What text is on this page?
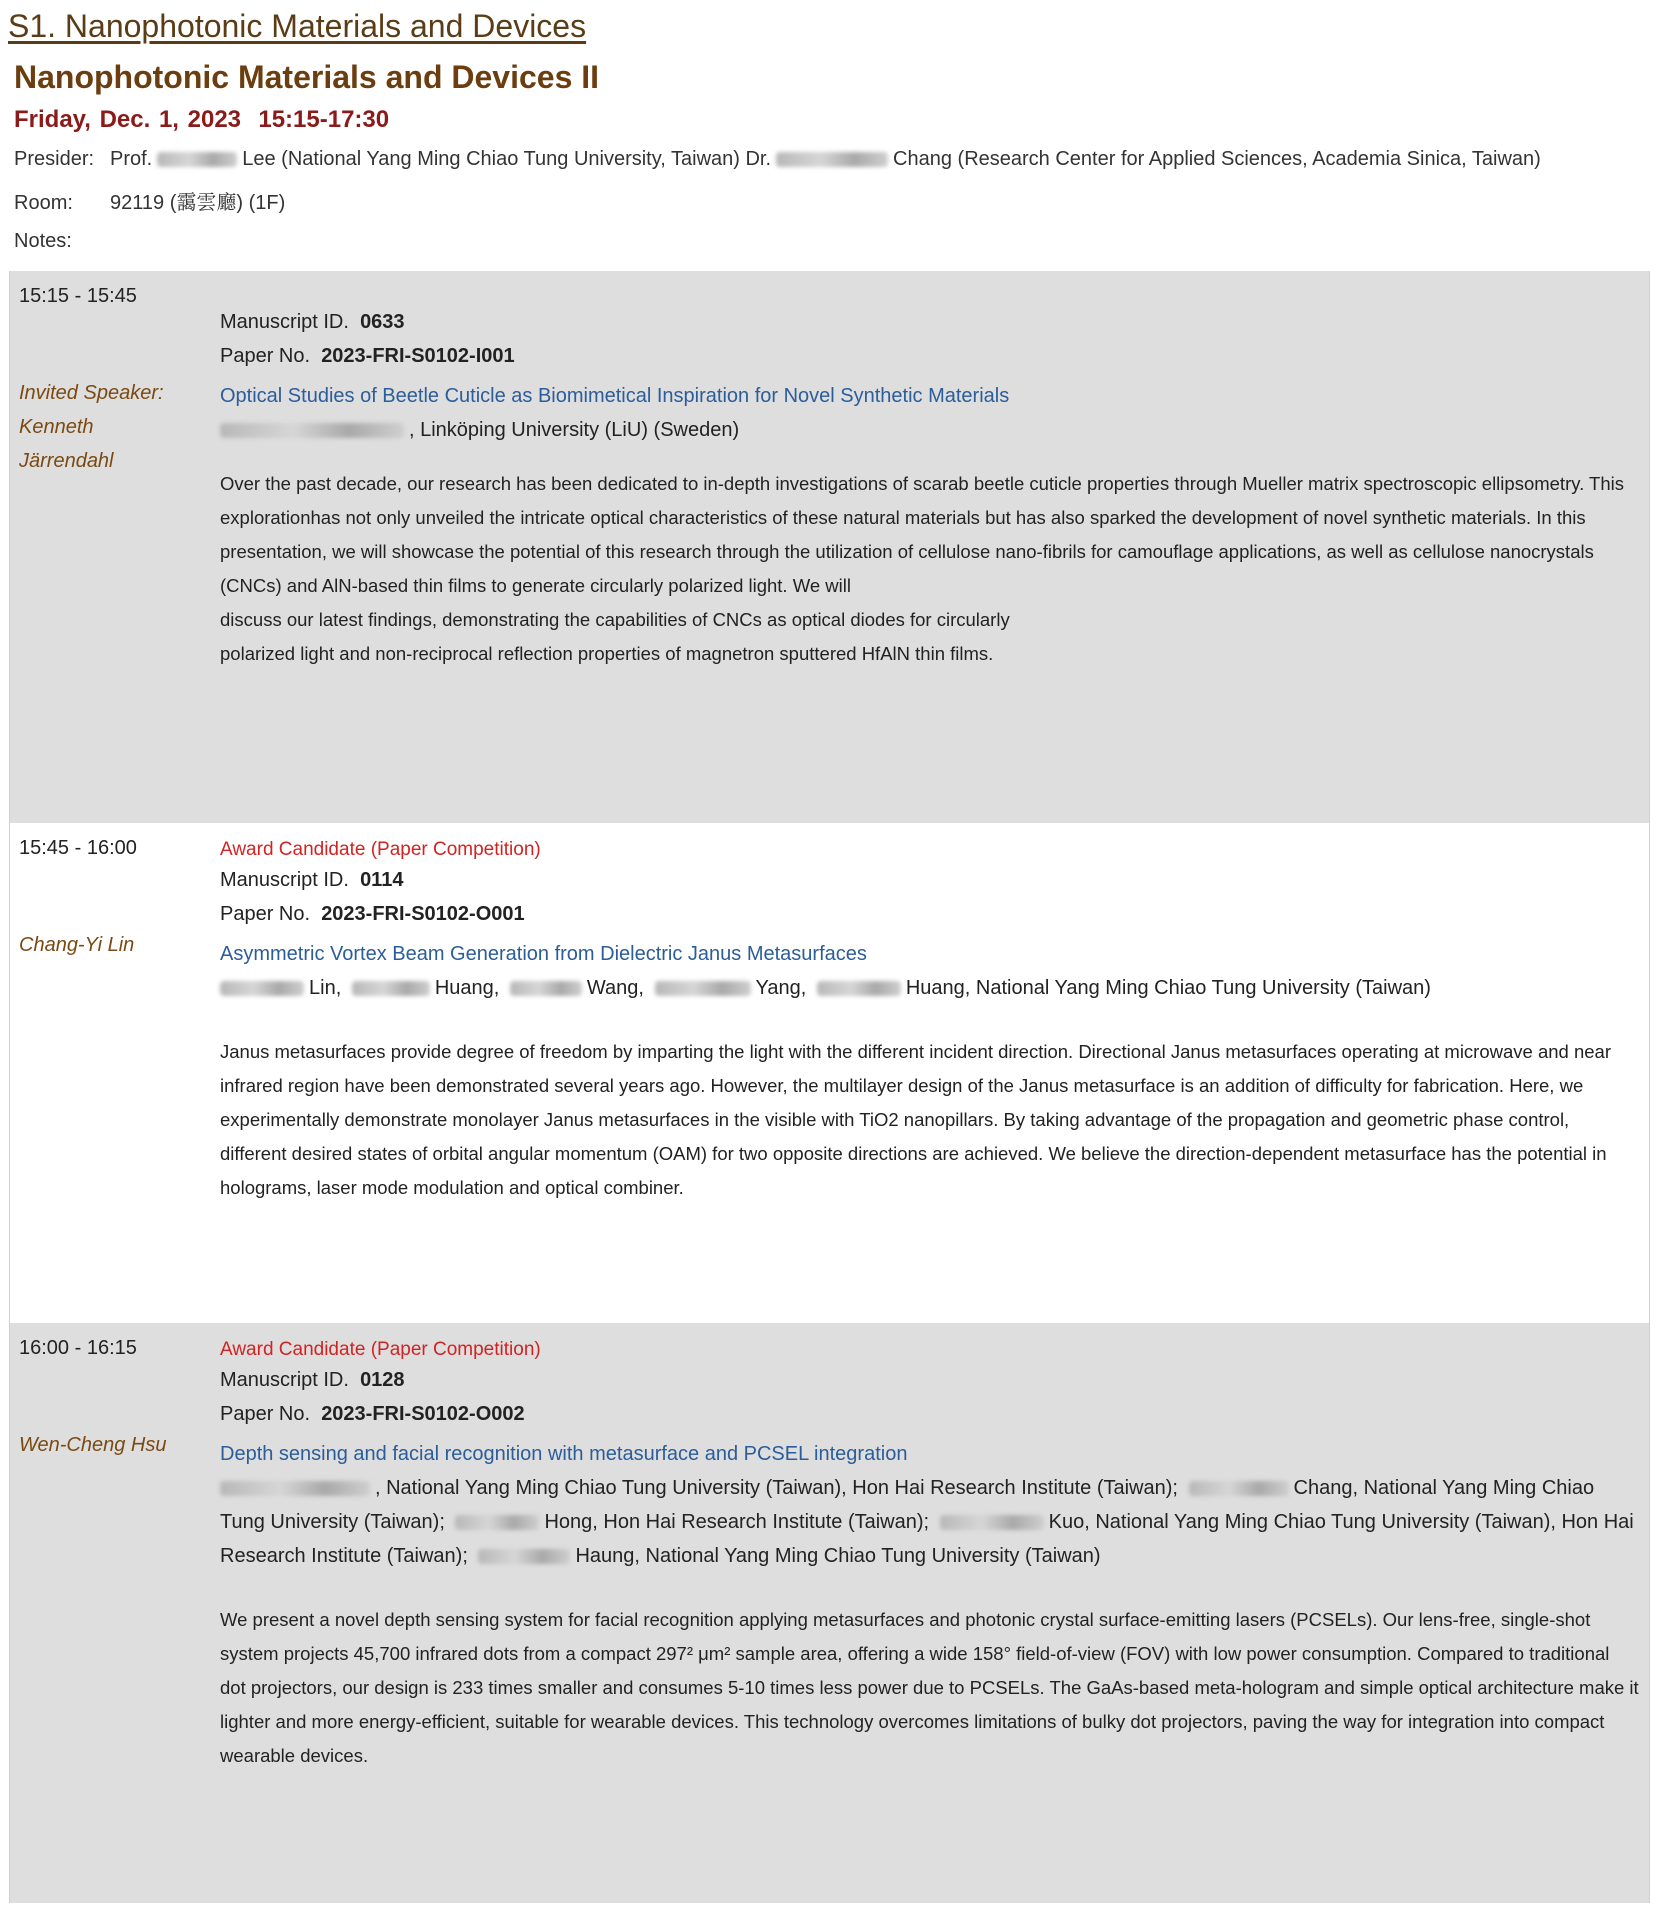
S1. Nanophotonic Materials and Devices
Nanophotonic Materials and Devices II
Friday, Dec. 1, 2023  15:15-17:30
Presider: Prof.	Lee (National Yang Ming Chiao Tung University, Taiwan) Dr.	Chang (Research Center for Applied Sciences, Academia Sinica, Taiwan)
Room:	92119 (靄雲廳) (1F)
Notes:
15:15 - 15:45
Invited Speaker:
Kenneth Järrendahl
Manuscript ID. 0633
Paper No. 2023-FRI-S0102-I001
Optical Studies of Beetle Cuticle as Biomimetical Inspiration for Novel Synthetic Materials
, Linköping University (LiU) (Sweden)
Over the past decade, our research has been dedicated to in-depth investigations of scarab beetle cuticle properties through Mueller matrix spectroscopic ellipsometry. This explorationhas not only unveiled the intricate optical characteristics of these natural materials but has also sparked the development of novel synthetic materials. In this presentation, we will showcase the potential of this research through the utilization of cellulose nano-fibrils for camouflage applications, as well as cellulose nanocrystals (CNCs) and AlN-based thin films to generate circularly polarized light. We will
discuss our latest findings, demonstrating the capabilities of CNCs as optical diodes for circularly
polarized light and non-reciprocal reflection properties of magnetron sputtered HfAlN thin films.
15:45 - 16:00
Chang-Yi Lin
Award Candidate (Paper Competition)
Manuscript ID. 0114
Paper No. 2023-FRI-S0102-O001
Asymmetric Vortex Beam Generation from Dielectric Janus Metasurfaces
Lin,	Huang,	Wang,	Yang,	Huang, National Yang Ming Chiao Tung University (Taiwan)
Janus metasurfaces provide degree of freedom by imparting the light with the different incident direction. Directional Janus metasurfaces operating at microwave and near infrared region have been demonstrated several years ago. However, the multilayer design of the Janus metasurface is an addition of difficulty for fabrication. Here, we experimentally demonstrate monolayer Janus metasurfaces in the visible with TiO2 nanopillars. By taking advantage of the propagation and geometric phase control, different desired states of orbital angular momentum (OAM) for two opposite directions are achieved. We believe the direction-dependent metasurface has the potential in holograms, laser mode modulation and optical combiner.
16:00 - 16:15
Wen-Cheng Hsu
Award Candidate (Paper Competition)
Manuscript ID. 0128
Paper No. 2023-FRI-S0102-O002
Depth sensing and facial recognition with metasurface and PCSEL integration
, National Yang Ming Chiao Tung University (Taiwan), Hon Hai Research Institute (Taiwan);	Chang, National Yang Ming Chiao Tung University (Taiwan);	Hong, Hon Hai Research Institute (Taiwan);	Kuo, National Yang Ming Chiao Tung University (Taiwan), Hon Hai Research Institute (Taiwan);	Haung, National Yang Ming Chiao Tung University (Taiwan)
We present a novel depth sensing system for facial recognition applying metasurfaces and photonic crystal surface-emitting lasers (PCSELs). Our lens-free, single-shot system projects 45,700 infrared dots from a compact 297² μm² sample area, offering a wide 158° field-of-view (FOV) with low power consumption. Compared to traditional dot projectors, our design is 233 times smaller and consumes 5-10 times less power due to PCSELs. The GaAs-based meta-hologram and simple optical architecture make it lighter and more energy-efficient, suitable for wearable devices. This technology overcomes limitations of bulky dot projectors, paving the way for integration into compact wearable devices.
